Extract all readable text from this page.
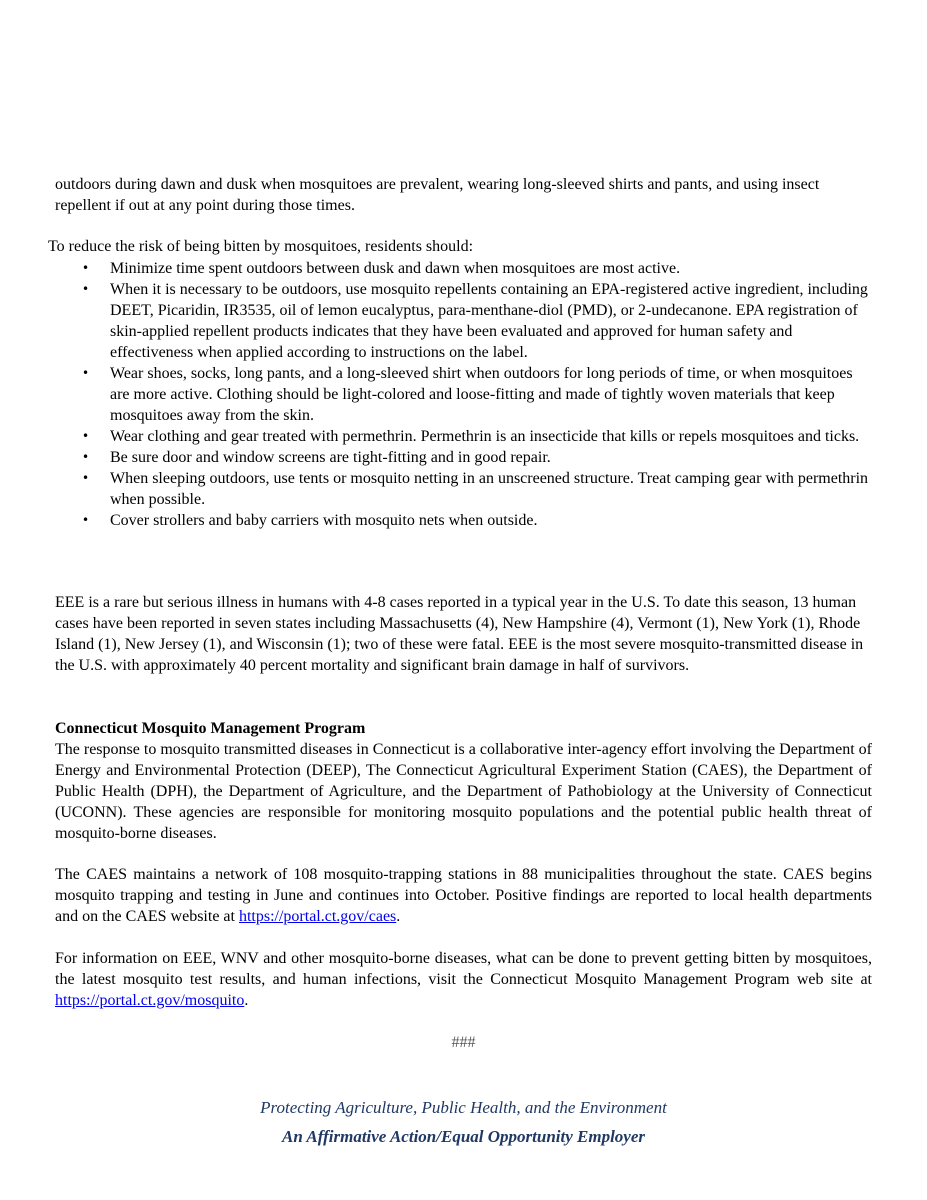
outdoors during dawn and dusk when mosquitoes are prevalent, wearing long-sleeved shirts and pants, and using insect repellent if out at any point during those times.

To reduce the risk of being bitten by mosquitoes, residents should:

• Minimize time spent outdoors between dusk and dawn when mosquitoes are most active.
• When it is necessary to be outdoors, use mosquito repellents containing an EPA-registered active ingredient, including DEET, Picaridin, IR3535, oil of lemon eucalyptus, para-menthane-diol (PMD), or 2-undecanone. EPA registration of skin-applied repellent products indicates that they have been evaluated and approved for human safety and effectiveness when applied according to instructions on the label.
• Wear shoes, socks, long pants, and a long-sleeved shirt when outdoors for long periods of time, or when mosquitoes are more active. Clothing should be light-colored and loose-fitting and made of tightly woven materials that keep mosquitoes away from the skin.
• Wear clothing and gear treated with permethrin. Permethrin is an insecticide that kills or repels mosquitoes and ticks.
• Be sure door and window screens are tight-fitting and in good repair.
• When sleeping outdoors, use tents or mosquito netting in an unscreened structure. Treat camping gear with permethrin when possible.
• Cover strollers and baby carriers with mosquito nets when outside.

EEE is a rare but serious illness in humans with 4-8 cases reported in a typical year in the U.S. To date this season, 13 human cases have been reported in seven states including Massachusetts (4), New Hampshire (4), Vermont (1), New York (1), Rhode Island (1), New Jersey (1), and Wisconsin (1); two of these were fatal. EEE is the most severe mosquito-transmitted disease in the U.S. with approximately 40 percent mortality and significant brain damage in half of survivors.

Connecticut Mosquito Management Program

The response to mosquito transmitted diseases in Connecticut is a collaborative inter-agency effort involving the Department of Energy and Environmental Protection (DEEP), The Connecticut Agricultural Experiment Station (CAES), the Department of Public Health (DPH), the Department of Agriculture, and the Department of Pathobiology at the University of Connecticut (UCONN). These agencies are responsible for monitoring mosquito populations and the potential public health threat of mosquito-borne diseases.

The CAES maintains a network of 108 mosquito-trapping stations in 88 municipalities throughout the state. CAES begins mosquito trapping and testing in June and continues into October. Positive findings are reported to local health departments and on the CAES website at https://portal.ct.gov/caes.

For information on EEE, WNV and other mosquito-borne diseases, what can be done to prevent getting bitten by mosquitoes, the latest mosquito test results, and human infections, visit the Connecticut Mosquito Management Program web site at https://portal.ct.gov/mosquito.

###

Protecting Agriculture, Public Health, and the Environment

An Affirmative Action/Equal Opportunity Employer
